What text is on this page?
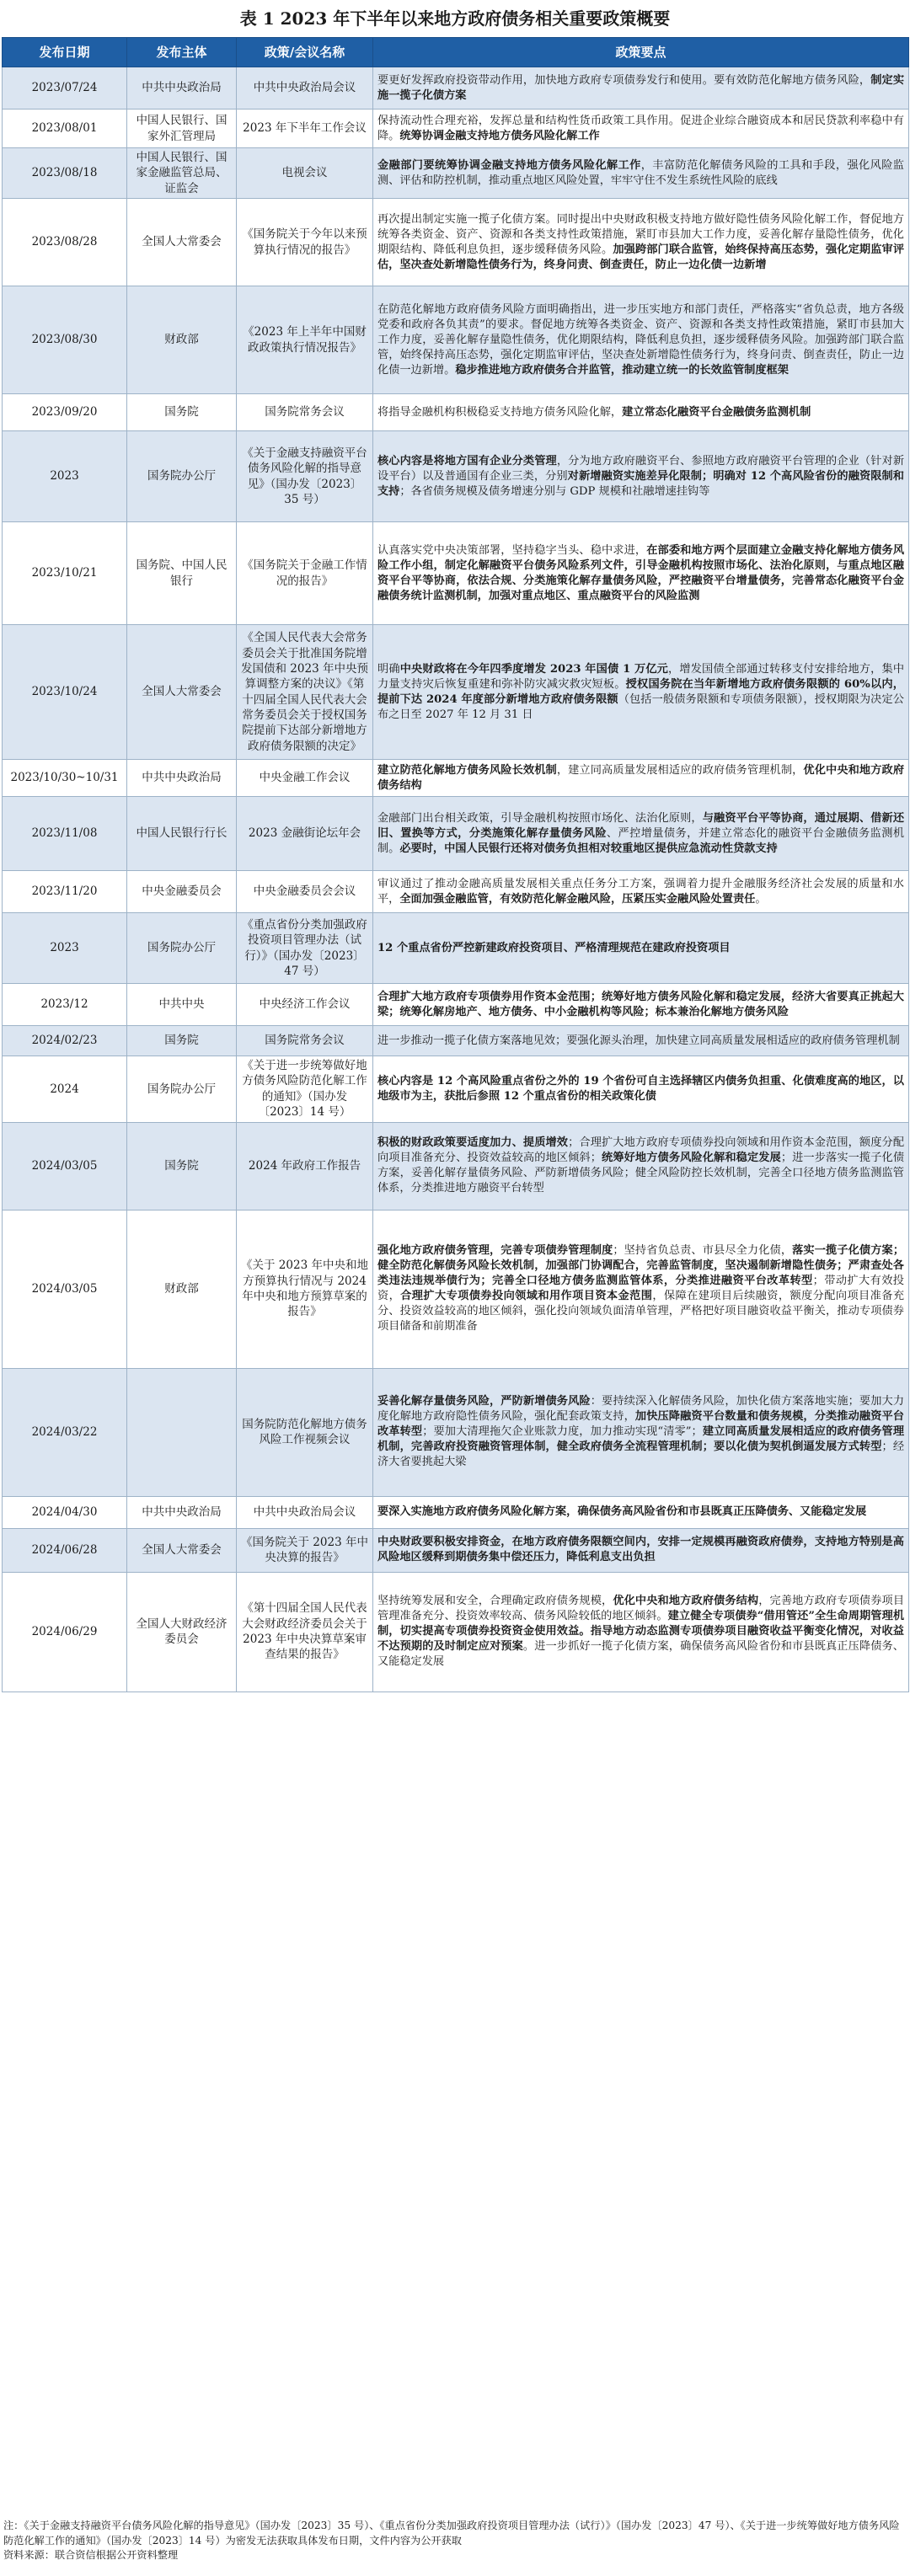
表 1 2023 年下半年以来地方政府债务相关重要政策概要
发布日期	发布主体	政策/会议名称	政策要点
2023/07/24	中共中央政治局	中共中央政治局会议	要更好发挥政府投资带动作用，加快地方政府专项债券发行和使用。要有效防范化解地方债务风险，制定实施一揽子化债方案
2023/08/01	中国人民银行、国家外汇管理局	2023 年下半年工作会议	保持流动性合理充裕，发挥总量和结构性货币政策工具作用。促进企业综合融资成本和居民贷款利率稳中有降。统筹协调金融支持地方债务风险化解工作
2023/08/18	中国人民银行、国家金融监管总局、证监会	电视会议	金融部门要统筹协调金融支持地方债务风险化解工作，丰富防范化解债务风险的工具和手段，强化风险监测、评估和防控机制，推动重点地区风险处置，牢牢守住不发生系统性风险的底线
2023/08/28	全国人大常委会	《国务院关于今年以来预算执行情况的报告》	再次提出制定实施一揽子化债方案。同时提出中央财政积极支持地方做好隐性债务风险化解工作，督促地方统筹各类资金、资产、资源和各类支持性政策措施，紧盯市县加大工作力度，妥善化解存量隐性债务，优化期限结构、降低利息负担，逐步缓释债务风险。加强跨部门联合监管，始终保持高压态势，强化定期监审评估，坚决查处新增隐性债务行为，终身问责、倒查责任，防止一边化债一边新增
2023/08/30	财政部	《2023 年上半年中国财政政策执行情况报告》	在防范化解地方政府债务风险方面明确指出，进一步压实地方和部门责任，严格落实“省负总责，地方各级党委和政府各负其责”的要求。督促地方统筹各类资金、资产、资源和各类支持性政策措施，紧盯市县加大工作力度，妥善化解存量隐性债务，优化期限结构，降低利息负担，逐步缓释债务风险。加强跨部门联合监管，始终保持高压态势，强化定期监审评估，坚决查处新增隐性债务行为，终身问责、倒查责任，防止一边化债一边新增。稳步推进地方政府债务合并监管，推动建立统一的长效监管制度框架
2023/09/20	国务院	国务院常务会议	将指导金融机构积极稳妥支持地方债务风险化解，建立常态化融资平台金融债务监测机制
2023	国务院办公厅	《关于金融支持融资平台债务风险化解的指导意见》（国办发〔2023〕35 号）	核心内容是将地方国有企业分类管理，分为地方政府融资平台、参照地方政府融资平台管理的企业（针对新设平台）以及普通国有企业三类，分别对新增融资实施差异化限制；明确对 12 个高风险省份的融资限制和支持；各省债务规模及债务增速分别与 GDP 规模和社融增速挂钩等
2023/10/21	国务院、中国人民银行	《国务院关于金融工作情况的报告》	认真落实党中央决策部署，坚持稳字当头、稳中求进，在部委和地方两个层面建立金融支持化解地方债务风险工作小组，制定化解融资平台债务风险系列文件，引导金融机构按照市场化、法治化原则，与重点地区融资平台平等协商，依法合规、分类施策化解存量债务风险，严控融资平台增量债务，完善常态化融资平台金融债务统计监测机制，加强对重点地区、重点融资平台的风险监测
2023/10/24	全国人大常委会	《全国人民代表大会常务委员会关于批准国务院增发国债和 2023 年中央预算调整方案的决议》《第十四届全国人民代表大会常务委员会关于授权国务院提前下达部分新增地方政府债务限额的决定》	明确中央财政将在今年四季度增发 2023 年国债 1 万亿元，增发国债全部通过转移支付安排给地方，集中力量支持灾后恢复重建和弥补防灾减灾救灾短板。授权国务院在当年新增地方政府债务限额的 60%以内，提前下达 2024 年度部分新增地方政府债务限额（包括一般债务限额和专项债务限额），授权期限为决定公布之日至 2027 年 12 月 31 日
2023/10/30~10/31	中共中央政治局	中央金融工作会议	建立防范化解地方债务风险长效机制，建立同高质量发展相适应的政府债务管理机制，优化中央和地方政府债务结构
2023/11/08	中国人民银行行长	2023 金融街论坛年会	金融部门出台相关政策，引导金融机构按照市场化、法治化原则，与融资平台平等协商，通过展期、借新还旧、置换等方式，分类施策化解存量债务风险、严控增量债务，并建立常态化的融资平台金融债务监测机制。必要时，中国人民银行还将对债务负担相对较重地区提供应急流动性贷款支持
2023/11/20	中央金融委员会	中央金融委员会会议	审议通过了推动金融高质量发展相关重点任务分工方案，强调着力提升金融服务经济社会发展的质量和水平，全面加强金融监管，有效防范化解金融风险，压紧压实金融风险处置责任。
2023	国务院办公厅	《重点省份分类加强政府投资项目管理办法（试行）》（国办发〔2023〕47 号）	12 个重点省份严控新建政府投资项目、严格清理规范在建政府投资项目
2023/12	中共中央	中央经济工作会议	合理扩大地方政府专项债券用作资本金范围；统筹好地方债务风险化解和稳定发展，经济大省要真正挑起大梁；统筹化解房地产、地方债务、中小金融机构等风险；标本兼治化解地方债务风险
2024/02/23	国务院	国务院常务会议	进一步推动一揽子化债方案落地见效；要强化源头治理，加快建立同高质量发展相适应的政府债务管理机制
2024	国务院办公厅	《关于进一步统筹做好地方债务风险防范化解工作的通知》（国办发〔2023〕14 号）	核心内容是 12 个高风险重点省份之外的 19 个省份可自主选择辖区内债务负担重、化债难度高的地区，以地级市为主，获批后参照 12 个重点省份的相关政策化债
2024/03/05	国务院	2024 年政府工作报告	积极的财政政策要适度加力、提质增效；合理扩大地方政府专项债券投向领域和用作资本金范围，额度分配向项目准备充分、投资效益较高的地区倾斜；统筹好地方债务风险化解和稳定发展；进一步落实一揽子化债方案，妥善化解存量债务风险、严防新增债务风险；健全风险防控长效机制，完善全口径地方债务监测监管体系，分类推进地方融资平台转型
2024/03/05	财政部	《关于 2023 年中央和地方预算执行情况与 2024 年中央和地方预算草案的报告》	强化地方政府债务管理，完善专项债券管理制度；坚持省负总责、市县尽全力化债，落实一揽子化债方案；健全防范化解债务风险长效机制，加强部门协调配合，完善监管制度，坚决遏制新增隐性债务；严肃查处各类违法违规举债行为；完善全口径地方债务监测监管体系，分类推进融资平台改革转型；带动扩大有效投资，合理扩大专项债券投向领域和用作项目资本金范围，保障在建项目后续融资，额度分配向项目准备充分、投资效益较高的地区倾斜，强化投向领域负面清单管理，严格把好项目融资收益平衡关，推动专项债券项目储备和前期准备
2024/03/22		国务院防范化解地方债务风险工作视频会议	妥善化解存量债务风险，严防新增债务风险：要持续深入化解债务风险，加快化债方案落地实施；要加大力度化解地方政府隐性债务风险，强化配套政策支持，加快压降融资平台数量和债务规模，分类推动融资平台改革转型；要加大清理拖欠企业账款力度，加力推动实现“清零”；建立同高质量发展相适应的政府债务管理机制，完善政府投资融资管理体制，健全政府债务全流程管理机制；要以化债为契机倒逼发展方式转型；经济大省要挑起大梁
2024/04/30	中共中央政治局	中共中央政治局会议	要深入实施地方政府债务风险化解方案，确保债务高风险省份和市县既真正压降债务、又能稳定发展
2024/06/28	全国人大常委会	《国务院关于 2023 年中央决算的报告》	中央财政要积极安排资金，在地方政府债务限额空间内，安排一定规模再融资政府债券，支持地方特别是高风险地区缓释到期债务集中偿还压力，降低利息支出负担
2024/06/29	全国人大财政经济委员会	《第十四届全国人民代表大会财政经济委员会关于 2023 年中央决算草案审查结果的报告》	坚持统筹发展和安全，合理确定政府债务规模，优化中央和地方政府债务结构，完善地方政府专项债券项目管理准备充分、投资效率较高、债务风险较低的地区倾斜。建立健全专项债券“借用管还”全生命周期管理机制，切实提高专项债券投资资金使用效益。指导地方动态监测专项债券项目融资收益平衡变化情况，对收益不达预期的及时制定应对预案。进一步抓好一揽子化债方案，确保债务高风险省份和市县既真正压降债务、又能稳定发展
注：《关于金融支持融资平台债务风险化解的指导意见》（国办发〔2023〕35 号）、《重点省份分类加强政府投资项目管理办法（试行）》（国办发〔2023〕47 号）、《关于进一步统筹做好地方债务风险防范化解工作的通知》（国办发〔2023〕14 号）为密发无法获取具体发布日期，文件内容为公开获取
资料来源：联合资信根据公开资料整理
